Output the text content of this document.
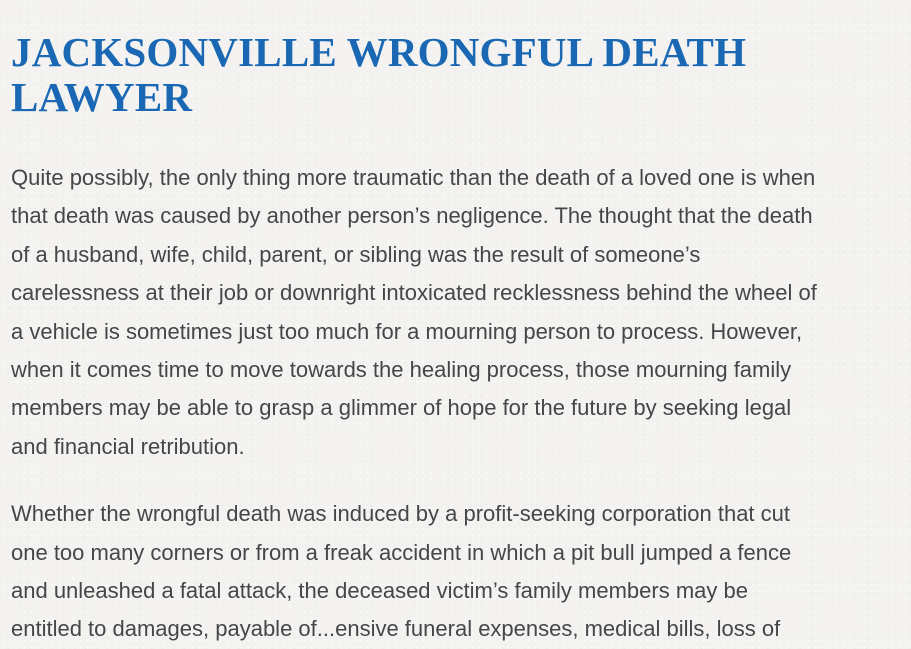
JACKSONVILLE WRONGFUL DEATH
LAWYER

Quite possibly, the only thing more traumatic than the death of a loved one is when
that death was caused by another person’s negligence. The thought that the death
of a husband, wife, child, parent, or sibling was the result of someone’s
carelessness at their job or downright intoxicated recklessness behind the wheel of
a vehicle is sometimes just too much for a mourning person to process. However,
when it comes time to move towards the healing process, those mourning family
members may be able to grasp a glimmer of hope for the future by seeking legal
and financial retribution.

Whether the wrongful death was induced by a profit-seeking corporation that cut
one too many corners or from a freak accident in which a pit bull jumped a fence
and unleashed a fatal attack, the deceased victim’s family members may be
entitled to damages, payable of...ensive funeral expenses, medical bills, loss of
